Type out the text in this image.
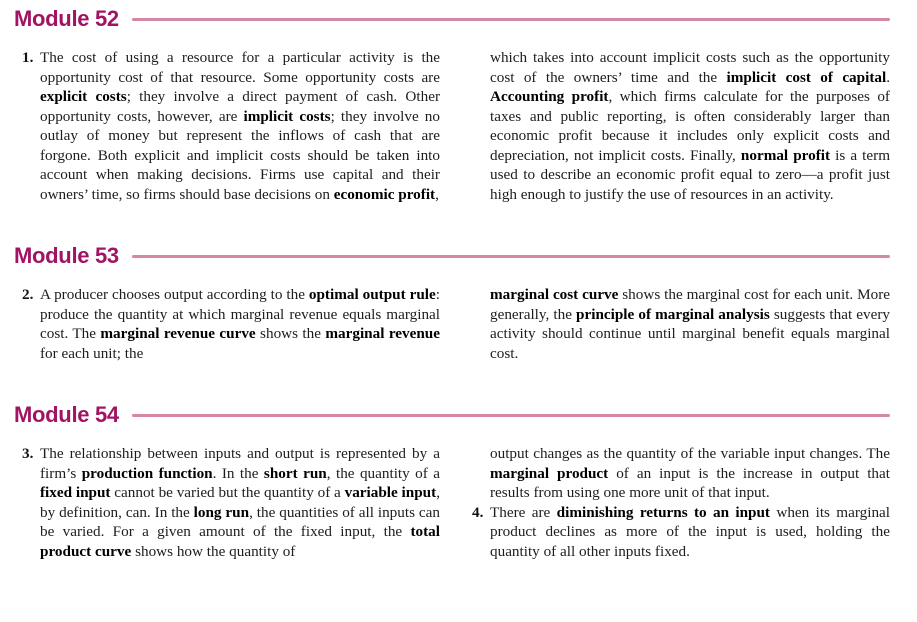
Module 52

1. The cost of using a resource for a particular activity is the opportunity cost of that resource. Some opportunity costs are explicit costs; they involve a direct payment of cash. Other opportunity costs, however, are implicit costs; they involve no outlay of money but represent the inflows of cash that are forgone. Both explicit and implicit costs should be taken into account when making decisions. Firms use capital and their owners’ time, so firms should base decisions on economic profit,

which takes into account implicit costs such as the opportunity cost of the owners’ time and the implicit cost of capital. Accounting profit, which firms calculate for the purposes of taxes and public reporting, is often considerably larger than economic profit because it includes only explicit costs and depreciation, not implicit costs. Finally, normal profit is a term used to describe an economic profit equal to zero—a profit just high enough to justify the use of resources in an activity.

Module 53

2. A producer chooses output according to the optimal output rule: produce the quantity at which marginal revenue equals marginal cost. The marginal revenue curve shows the marginal revenue for each unit; the

marginal cost curve shows the marginal cost for each unit. More generally, the principle of marginal analysis suggests that every activity should continue until marginal benefit equals marginal cost.

Module 54

3. The relationship between inputs and output is represented by a firm’s production function. In the short run, the quantity of a fixed input cannot be varied but the quantity of a variable input, by definition, can. In the long run, the quantities of all inputs can be varied. For a given amount of the fixed input, the total product curve shows how the quantity of

output changes as the quantity of the variable input changes. The marginal product of an input is the increase in output that results from using one more unit of that input.

4. There are diminishing returns to an input when its marginal product declines as more of the input is used, holding the quantity of all other inputs fixed.
